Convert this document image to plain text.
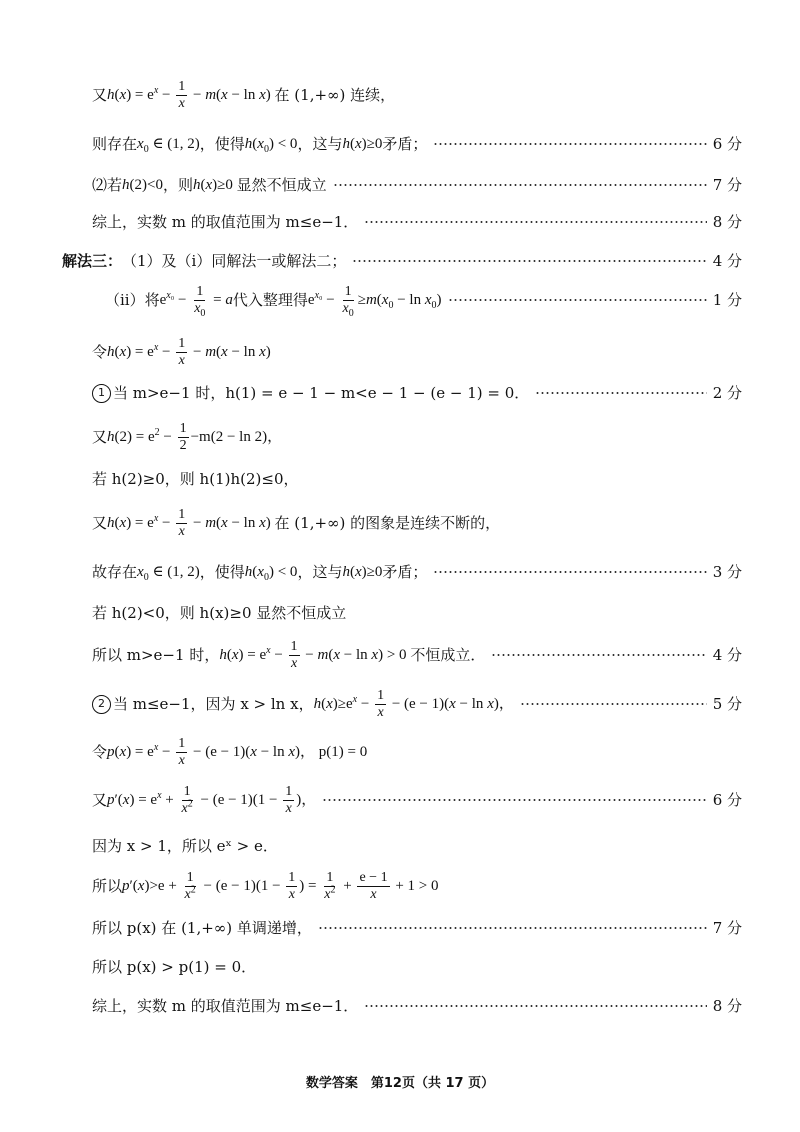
又 $h(x) = e^x - \frac{1}{x} - m(x - \ln x)$ 在 (1,+∞) 连续，
则存在 $x_0$ ∈ (1, 2) ，使得 $h(x_0) < 0$ ，这与 h(x)≥0 矛盾；	6 分
⑵若 h(2)<0 ，则 h(x)≥0 显然不恒成立	7 分
综上，实数 m 的取值范围为 m≤e−1．	8 分
解法三： （1）及（i）同解法一或解法二；	4 分
（ii）将 $e^{x_0} - \frac{1}{x_0} = a$ 代入整理得 $e^{x_0} - \frac{1}{x_0} \ge m(x_0 - \ln x_0)$	1 分
令 $h(x) = e^x - \frac{1}{x} - m(x - \ln x)$
1 当 m>e−1 时，h(1) = e − 1 − m<e − 1 − (e − 1) = 0．	2 分
又 $h(2) = e^2 - \frac{1}{2} -m(2 - \ln 2)$，
若 h(2)≥0，则 h(1)h(2)≤0，
又 $h(x) = e^x - \frac{1}{x} - m(x - \ln x)$ 在 (1,+∞) 的图象是连续不断的，
故存在 $x_0$ ∈ (1, 2) ，使得 $h(x_0) < 0$ ，这与 h(x)≥0 矛盾；	3 分
若 h(2)<0，则 h(x)≥0 显然不恒成立
所以 m>e−1 时， $h(x) = e^x - \frac{1}{x} - m(x - \ln x) > 0$ 不恒成立．	4 分
2 当 m≤e−1，因为 x > ln x， $h(x)\ge e^x - \frac{1}{x} - (e - 1)(x - \ln x)$，	5 分
令 $p(x) = e^x - \frac{1}{x} - (e - 1)(x - \ln x)$， p(1) = 0
又 $p'(x) = e^x + \frac{1}{x^2} - (e - 1)(1 - \frac{1}{x}$ )，	6 分
因为 x > 1，所以 eˣ > e．
所以 $p'(x)>e + \frac{1}{x^2} - (e - 1)(1 - \frac{1}{x}$ ) = $\frac{1}{x^2} + \frac{e - 1}{x} + 1 > 0$
所以 p(x) 在 (1,+∞) 单调递增，	7 分
所以 p(x) > p(1) = 0．
综上，实数 m 的取值范围为 m≤e−1．	8 分
数学答案　第12页（共 17 页）
